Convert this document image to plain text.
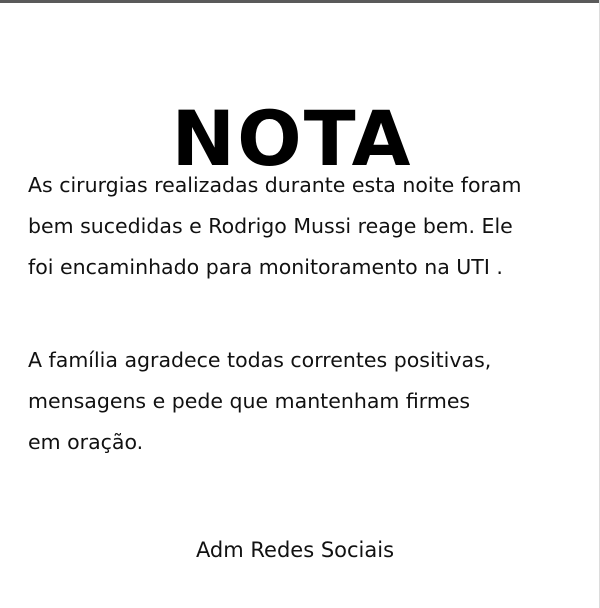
NOTA

As cirurgias realizadas durante esta noite foram
bem sucedidas e Rodrigo Mussi reage bem. Ele
foi encaminhado para monitoramento na UTI .

A família agradece todas correntes positivas,
mensagens e pede que mantenham firmes
em oração.

Adm Redes Sociais
